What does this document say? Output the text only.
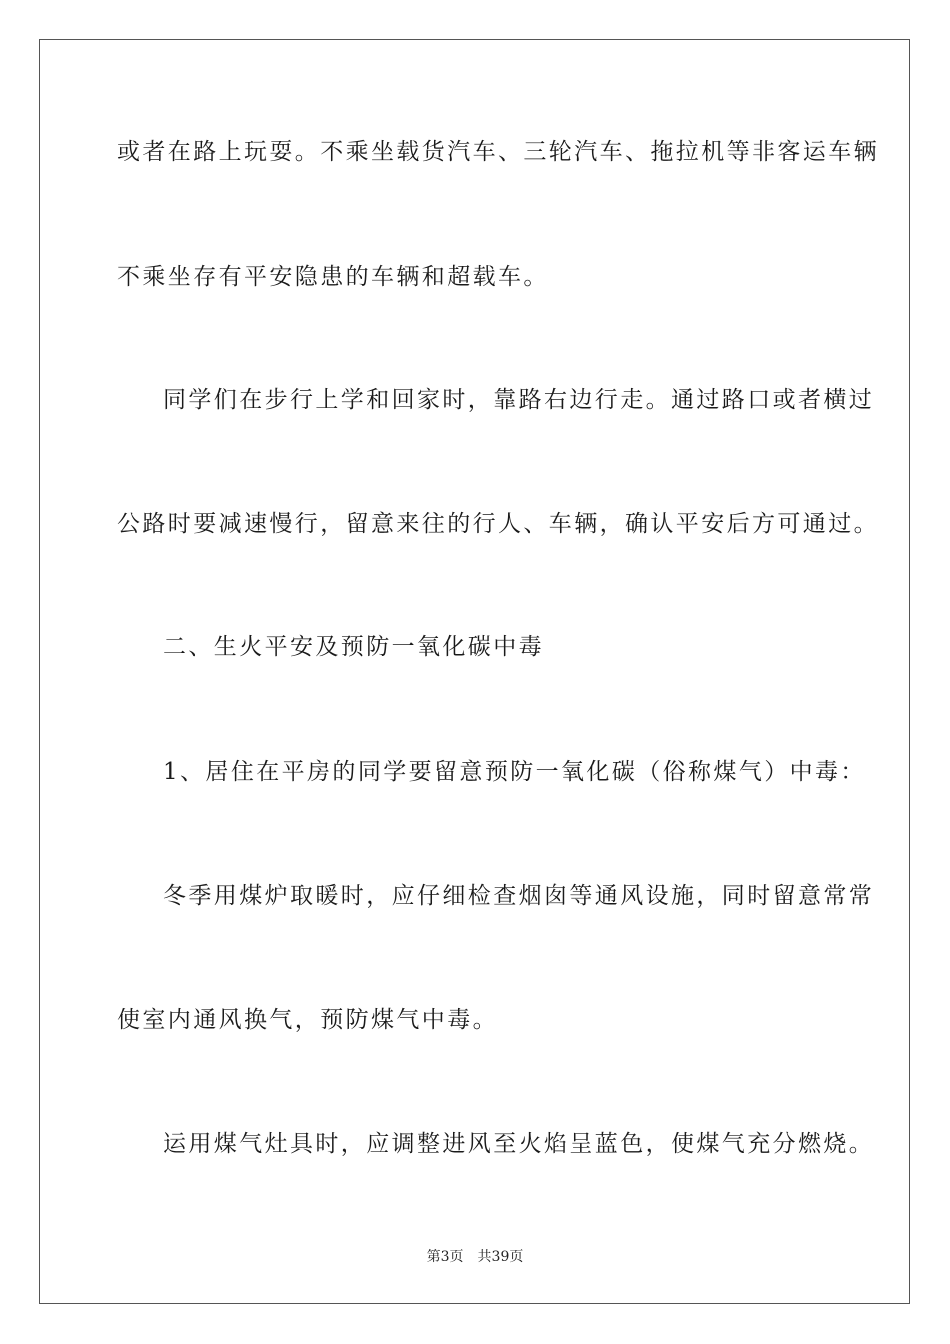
或者在路上玩耍。不乘坐载货汽车、三轮汽车、拖拉机等非客运车辆

不乘坐存有平安隐患的车辆和超载车。

同学们在步行上学和回家时，靠路右边行走。通过路口或者横过

公路时要减速慢行，留意来往的行人、车辆，确认平安后方可通过。

二、生火平安及预防一氧化碳中毒

1、居住在平房的同学要留意预防一氧化碳（俗称煤气）中毒：

冬季用煤炉取暖时，应仔细检查烟囱等通风设施，同时留意常常

使室内通风换气，预防煤气中毒。

运用煤气灶具时，应调整进风至火焰呈蓝色，使煤气充分燃烧。

第3页 共39页
